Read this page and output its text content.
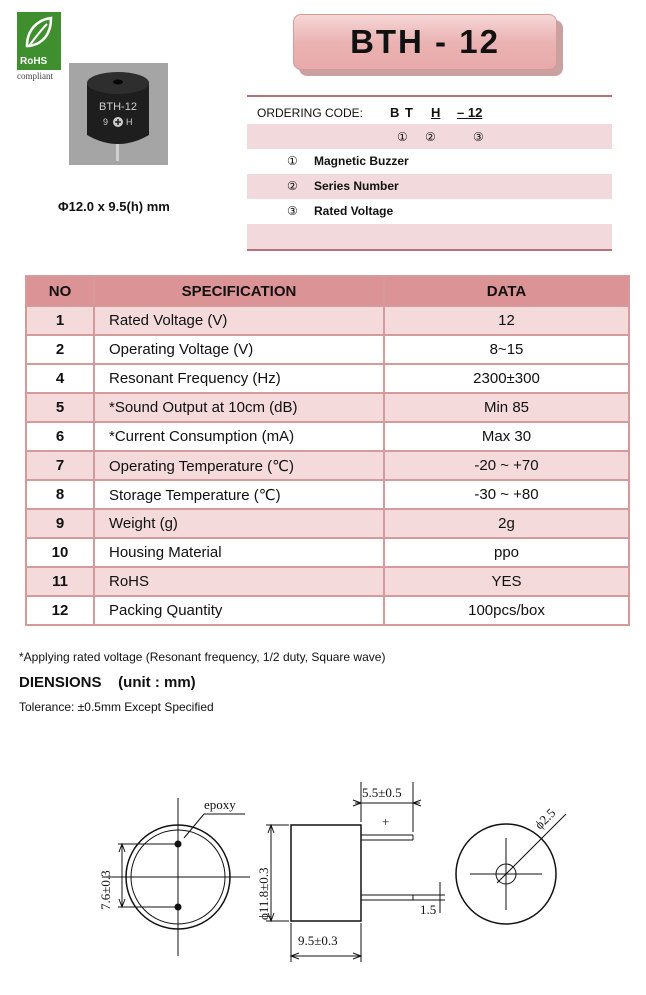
RoHS
compliant
BTH-12
9 H
Φ12.0 x 9.5(h) mm
BTH - 12
ORDERING CODE: B T H – 12
① ②	③
① Magnetic Buzzer
② Series Number
③ Rated Voltage
NO	SPECIFICATION	DATA
1	Rated Voltage (V)	12
2	Operating Voltage (V)	8~15
4	Resonant Frequency (Hz)	2300±300
5	*Sound Output at 10cm (dB)	Min 85
6	*Current Consumption (mA)	Max 30
7	Operating Temperature (℃)	-20 ~ +70
8	Storage Temperature (℃)	-30 ~ +80
9	Weight (g)	2g
10	Housing Material	ppo
11	RoHS	YES
12	Packing Quantity	100pcs/box
*Applying rated voltage (Resonant frequency, 1/2 duty, Square wave)
DIENSIONS    (unit : mm)
Tolerance: ±0.5mm Except Specified
epoxy
7.6±0.3	ϕ11.8±0.3
5.5±0.5
+
1.5
9.5±0.3
ϕ2.5
